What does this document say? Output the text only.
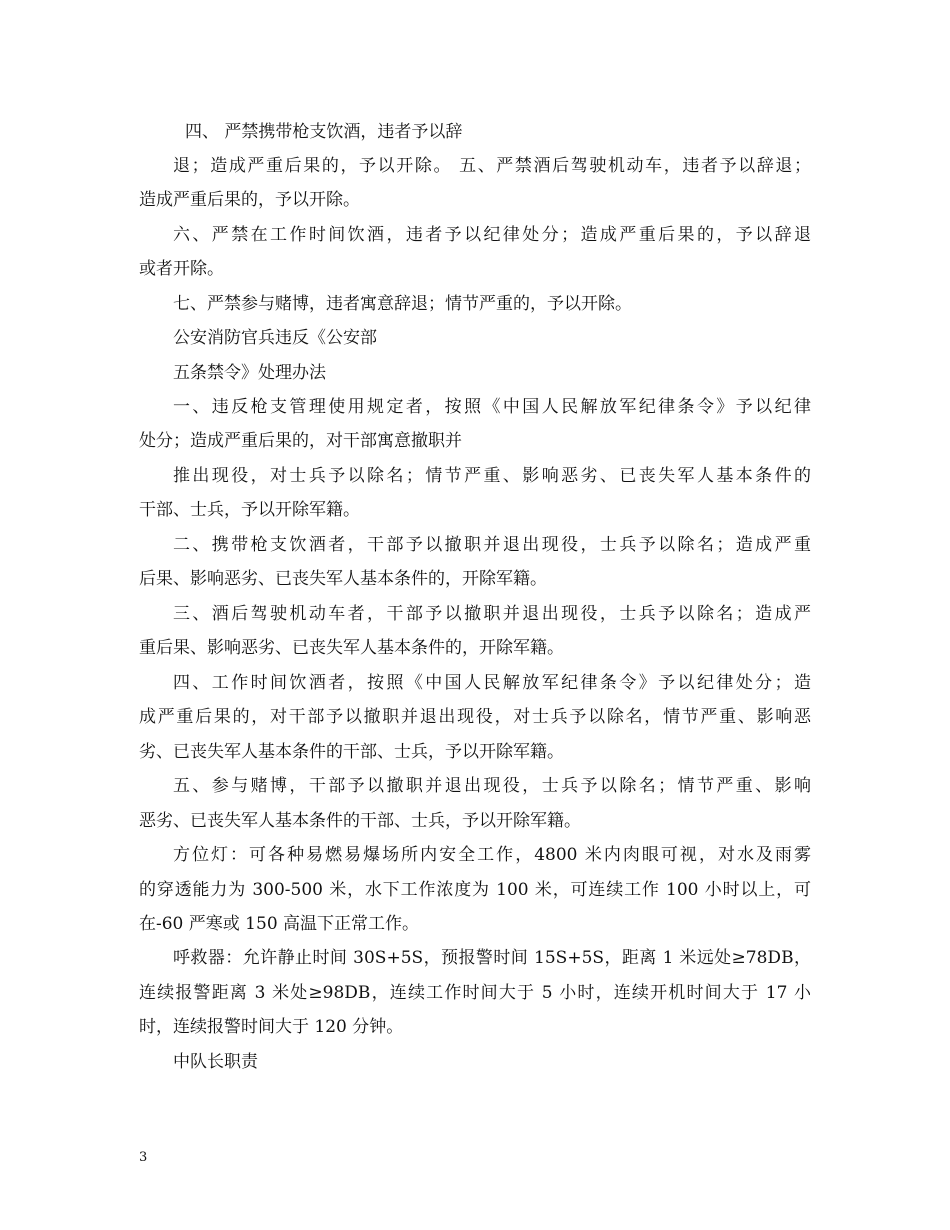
四、 严禁携带枪支饮酒，违者予以辞
退；造成严重后果的，予以开除。 五、严禁酒后驾驶机动车，违者予以辞退；
造成严重后果的，予以开除。
六、严禁在工作时间饮酒，违者予以纪律处分；造成严重后果的，予以辞退
或者开除。
七、严禁参与赌博，违者寓意辞退；情节严重的，予以开除。
公安消防官兵违反《公安部
五条禁令》处理办法
一、违反枪支管理使用规定者，按照《中国人民解放军纪律条令》予以纪律
处分；造成严重后果的，对干部寓意撤职并
推出现役，对士兵予以除名；情节严重、影响恶劣、已丧失军人基本条件的
干部、士兵，予以开除军籍。
二、携带枪支饮酒者，干部予以撤职并退出现役，士兵予以除名；造成严重
后果、影响恶劣、已丧失军人基本条件的，开除军籍。
三、酒后驾驶机动车者，干部予以撤职并退出现役，士兵予以除名；造成严
重后果、影响恶劣、已丧失军人基本条件的，开除军籍。
四、工作时间饮酒者，按照《中国人民解放军纪律条令》予以纪律处分；造
成严重后果的，对干部予以撤职并退出现役，对士兵予以除名，情节严重、影响恶
劣、已丧失军人基本条件的干部、士兵，予以开除军籍。
五、参与赌博，干部予以撤职并退出现役，士兵予以除名；情节严重、影响
恶劣、已丧失军人基本条件的干部、士兵，予以开除军籍。
方位灯：可各种易燃易爆场所内安全工作，4800 米内肉眼可视，对水及雨雾
的穿透能力为 300-500 米，水下工作浓度为 100 米，可连续工作 100 小时以上，可
在-60 严寒或 150 高温下正常工作。
呼救器：允许静止时间 30S+5S，预报警时间 15S+5S，距离 1 米远处≥78DB，
连续报警距离 3 米处≥98DB，连续工作时间大于 5 小时，连续开机时间大于 17 小
时，连续报警时间大于 120 分钟。
中队长职责
3
